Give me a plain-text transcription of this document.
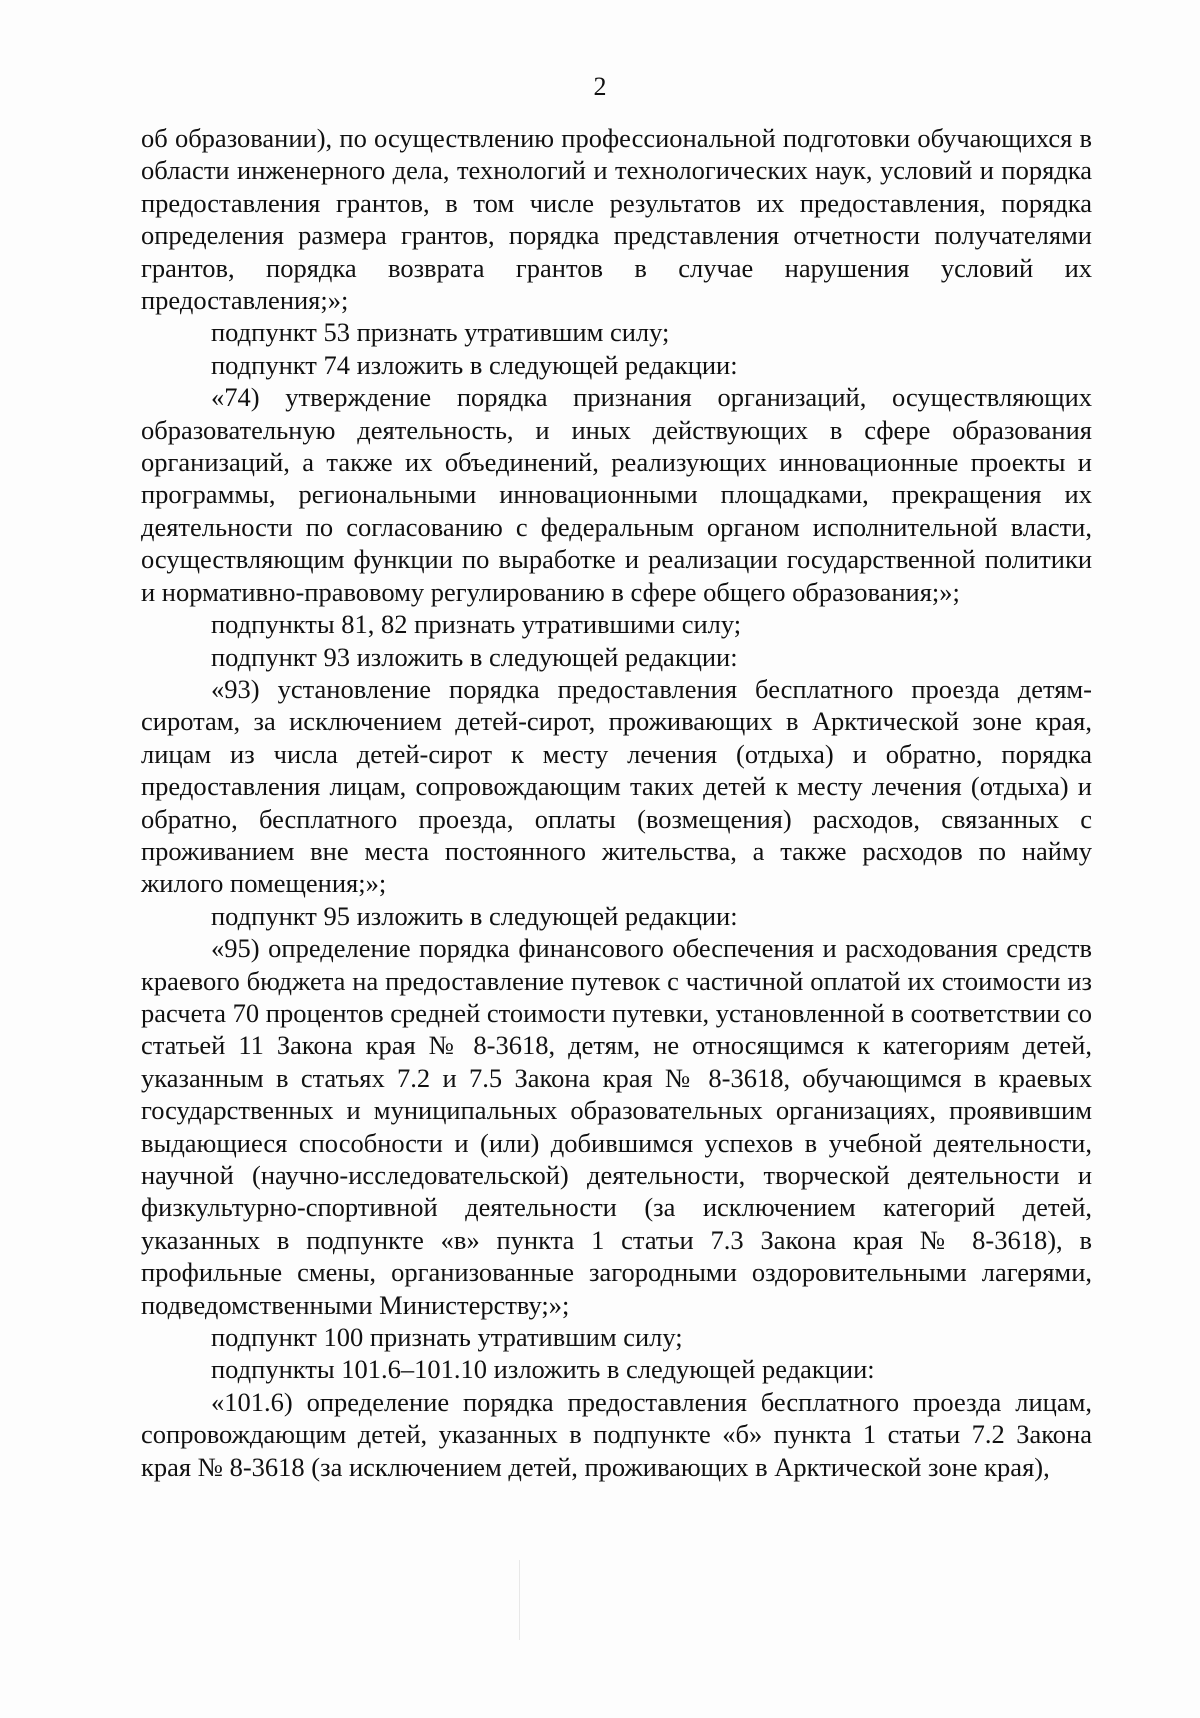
2

об образовании), по осуществлению профессиональной подготовки обучающихся в области инженерного дела, технологий и технологических наук, условий и порядка предоставления грантов, в том числе результатов их предоставления, порядка определения размера грантов, порядка представления отчетности получателями грантов, порядка возврата грантов в случае нарушения условий их предоставления;»;

подпункт 53 признать утратившим силу;

подпункт 74 изложить в следующей редакции:

«74) утверждение порядка признания организаций, осуществляющих образовательную деятельность, и иных действующих в сфере образования организаций, а также их объединений, реализующих инновационные проекты и программы, региональными инновационными площадками, прекращения их деятельности по согласованию с федеральным органом исполнительной власти, осуществляющим функции по выработке и реализации государственной политики и нормативно-правовому регулированию в сфере общего образования;»;

подпункты 81, 82 признать утратившими силу;

подпункт 93 изложить в следующей редакции:

«93) установление порядка предоставления бесплатного проезда детям-сиротам, за исключением детей-сирот, проживающих в Арктической зоне края, лицам из числа детей-сирот к месту лечения (отдыха) и обратно, порядка предоставления лицам, сопровождающим таких детей к месту лечения (отдыха) и обратно, бесплатного проезда, оплаты (возмещения) расходов, связанных с проживанием вне места постоянного жительства, а также расходов по найму жилого помещения;»;

подпункт 95 изложить в следующей редакции:

«95) определение порядка финансового обеспечения и расходования средств краевого бюджета на предоставление путевок с частичной оплатой их стоимости из расчета 70 процентов средней стоимости путевки, установленной в соответствии со статьей 11 Закона края № 8-3618, детям, не относящимся к категориям детей, указанным в статьях 7.2 и 7.5 Закона края № 8-3618, обучающимся в краевых государственных и муниципальных образовательных организациях, проявившим выдающиеся способности и (или) добившимся успехов в учебной деятельности, научной (научно-исследовательской) деятельности, творческой деятельности и физкультурно-спортивной деятельности (за исключением категорий детей, указанных в подпункте «в» пункта 1 статьи 7.3 Закона края № 8-3618), в профильные смены, организованные загородными оздоровительными лагерями, подведомственными Министерству;»;

подпункт 100 признать утратившим силу;

подпункты 101.6–101.10 изложить в следующей редакции:

«101.6) определение порядка предоставления бесплатного проезда лицам, сопровождающим детей, указанных в подпункте «б» пункта 1 статьи 7.2 Закона края № 8-3618 (за исключением детей, проживающих в Арктической зоне края),
